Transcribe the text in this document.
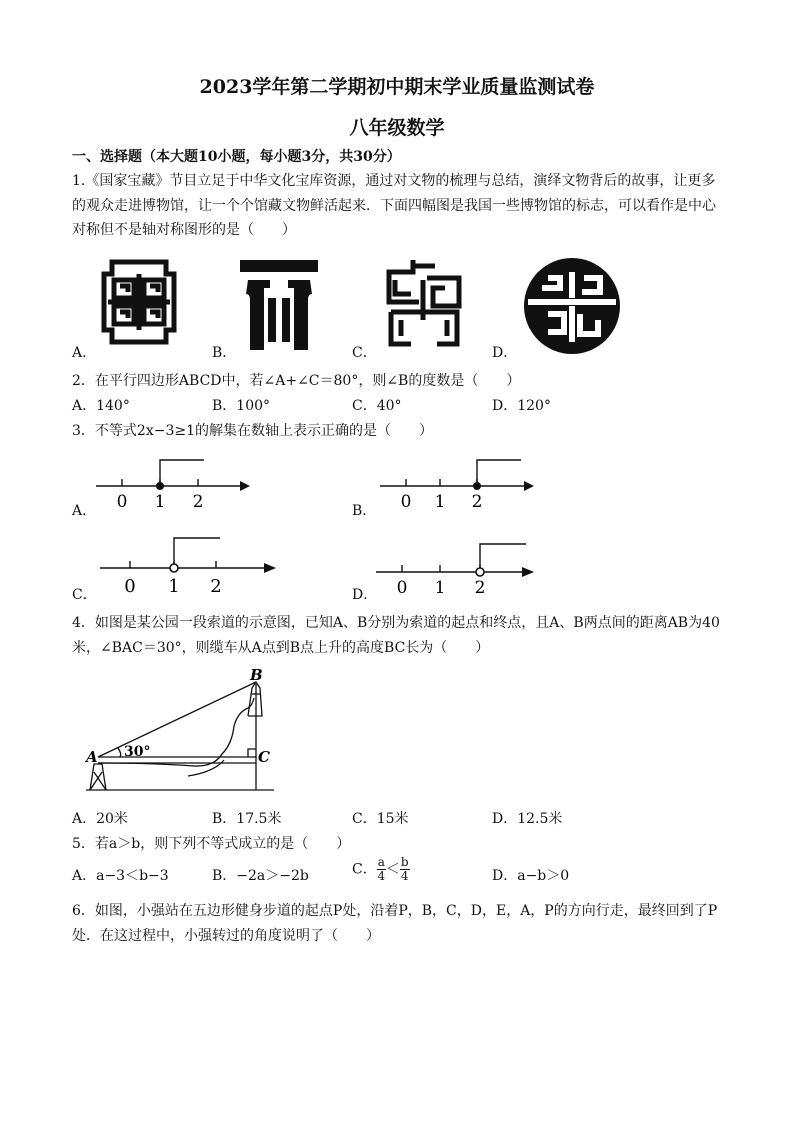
2023学年第二学期初中期末学业质量监测试卷
八年级数学
一、选择题（本大题10小题，每小题3分，共30分）
1.《国家宝藏》节目立足于中华文化宝库资源，通过对文物的梳理与总结，演绎文物背后的故事，让更多
的观众走进博物馆，让一个个馆藏文物鲜活起来．下面四幅图是我国一些博物馆的标志，可以看作是中心
对称但不是轴对称图形的是（　　）
A．	B．	C．	D．
2．在平行四边形ABCD中，若∠A+∠C＝80°，则∠B的度数是（　　）
A．140°	B．100°	C．40°	D．120°
3．不等式2x−3≥1的解集在数轴上表示正确的是（　　）
0 1 2
A．	0 1 2
B．
0 1 2
C．	0 1 2
D．
4．如图是某公园一段索道的示意图，已知A、B分别为索道的起点和终点，且A、B两点间的距离AB为40
米，∠BAC＝30°，则缆车从A点到B点上升的高度BC长为（　　）
B
A	C
30°
A．20米	B．17.5米	C．15米	D．12.5米
5．若a＞b，则下列不等式成立的是（　　）
A．a−3＜b−3	B．−2a＞−2b	C． $\frac{a}{4} < \frac{b}{4}$	D．a−b＞0
6．如图，小强站在五边形健身步道的起点P处，沿着P，B，C，D，E，A，P的方向行走，最终回到了P
处．在这过程中，小强转过的角度说明了（　　）
